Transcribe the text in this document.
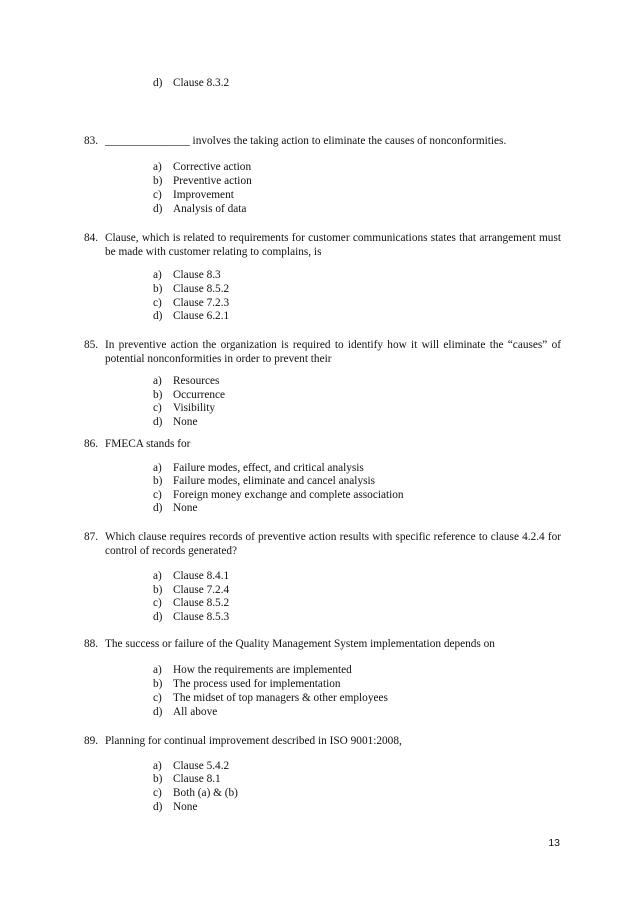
d) Clause 8.3.2
83. _______________ involves the taking action to eliminate the causes of nonconformities.
a) Corrective action
b) Preventive action
c) Improvement
d) Analysis of data
84. Clause, which is related to requirements for customer communications states that arrangement must be made with customer relating to complains, is
a) Clause 8.3
b) Clause 8.5.2
c) Clause 7.2.3
d) Clause 6.2.1
85. In preventive action the organization is required to identify how it will eliminate the “causes” of potential nonconformities in order to prevent their
a) Resources
b) Occurrence
c) Visibility
d) None
86. FMECA stands for
a) Failure modes, effect, and critical analysis
b) Failure modes, eliminate and cancel analysis
c) Foreign money exchange and complete association
d) None
87. Which clause requires records of preventive action results with specific reference to clause 4.2.4 for control of records generated?
a) Clause 8.4.1
b) Clause 7.2.4
c) Clause 8.5.2
d) Clause 8.5.3
88. The success or failure of the Quality Management System implementation depends on
a) How the requirements are implemented
b) The process used for implementation
c) The midset of top managers & other employees
d) All above
89. Planning for continual improvement described in ISO 9001:2008,
a) Clause 5.4.2
b) Clause 8.1
c) Both (a) & (b)
d) None
13
